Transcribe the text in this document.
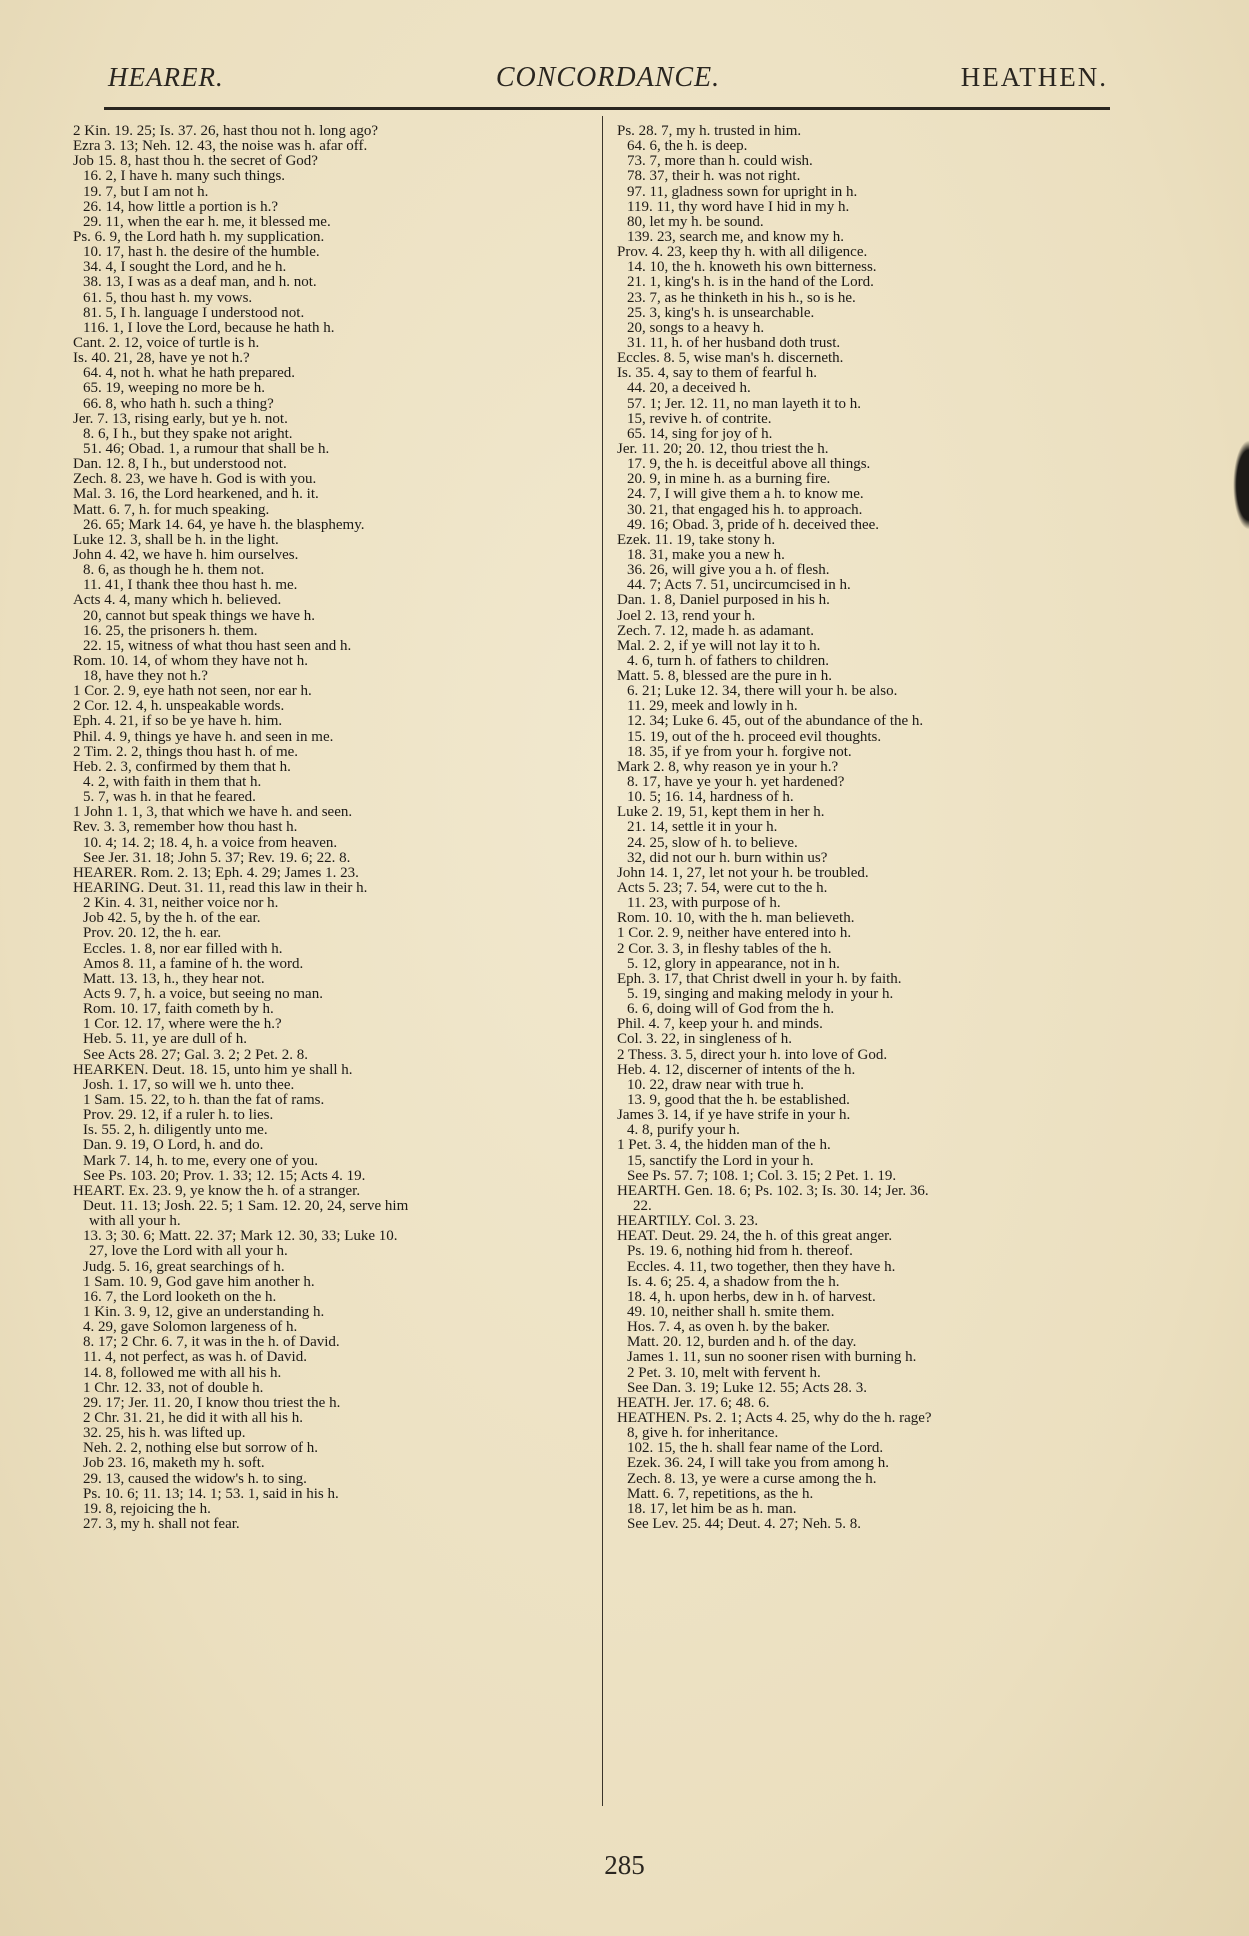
HEARER.	CONCORDANCE.	HEATHEN.
2 Kin. 19. 25; Is. 37. 26, hast thou not h. long ago?
Ezra 3. 13; Neh. 12. 43, the noise was h. afar off.
Job 15. 8, hast thou h. the secret of God?
16. 2, I have h. many such things.
19. 7, but I am not h.
26. 14, how little a portion is h.?
29. 11, when the ear h. me, it blessed me.
Ps. 6. 9, the Lord hath h. my supplication.
10. 17, hast h. the desire of the humble.
34. 4, I sought the Lord, and he h.
38. 13, I was as a deaf man, and h. not.
61. 5, thou hast h. my vows.
81. 5, I h. language I understood not.
116. 1, I love the Lord, because he hath h.
Cant. 2. 12, voice of turtle is h.
Is. 40. 21, 28, have ye not h.?
64. 4, not h. what he hath prepared.
65. 19, weeping no more be h.
66. 8, who hath h. such a thing?
Jer. 7. 13, rising early, but ye h. not.
8. 6, I h., but they spake not aright.
51. 46; Obad. 1, a rumour that shall be h.
Dan. 12. 8, I h., but understood not.
Zech. 8. 23, we have h. God is with you.
Mal. 3. 16, the Lord hearkened, and h. it.
Matt. 6. 7, h. for much speaking.
26. 65; Mark 14. 64, ye have h. the blasphemy.
Luke 12. 3, shall be h. in the light.
John 4. 42, we have h. him ourselves.
8. 6, as though he h. them not.
11. 41, I thank thee thou hast h. me.
Acts 4. 4, many which h. believed.
20, cannot but speak things we have h.
16. 25, the prisoners h. them.
22. 15, witness of what thou hast seen and h.
Rom. 10. 14, of whom they have not h.
18, have they not h.?
1 Cor. 2. 9, eye hath not seen, nor ear h.
2 Cor. 12. 4, h. unspeakable words.
Eph. 4. 21, if so be ye have h. him.
Phil. 4. 9, things ye have h. and seen in me.
2 Tim. 2. 2, things thou hast h. of me.
Heb. 2. 3, confirmed by them that h.
4. 2, with faith in them that h.
5. 7, was h. in that he feared.
1 John 1. 1, 3, that which we have h. and seen.
Rev. 3. 3, remember how thou hast h.
10. 4; 14. 2; 18. 4, h. a voice from heaven.
See Jer. 31. 18; John 5. 37; Rev. 19. 6; 22. 8.
HEARER. Rom. 2. 13; Eph. 4. 29; James 1. 23.
HEARING. Deut. 31. 11, read this law in their h.
2 Kin. 4. 31, neither voice nor h.
Job 42. 5, by the h. of the ear.
Prov. 20. 12, the h. ear.
Eccles. 1. 8, nor ear filled with h.
Amos 8. 11, a famine of h. the word.
Matt. 13. 13, h., they hear not.
Acts 9. 7, h. a voice, but seeing no man.
Rom. 10. 17, faith cometh by h.
1 Cor. 12. 17, where were the h.?
Heb. 5. 11, ye are dull of h.
See Acts 28. 27; Gal. 3. 2; 2 Pet. 2. 8.
HEARKEN. Deut. 18. 15, unto him ye shall h.
Josh. 1. 17, so will we h. unto thee.
1 Sam. 15. 22, to h. than the fat of rams.
Prov. 29. 12, if a ruler h. to lies.
Is. 55. 2, h. diligently unto me.
Dan. 9. 19, O Lord, h. and do.
Mark 7. 14, h. to me, every one of you.
See Ps. 103. 20; Prov. 1. 33; 12. 15; Acts 4. 19.
HEART. Ex. 23. 9, ye know the h. of a stranger.
Deut. 11. 13; Josh. 22. 5; 1 Sam. 12. 20, 24, serve him
with all your h.
13. 3; 30. 6; Matt. 22. 37; Mark 12. 30, 33; Luke 10.
27, love the Lord with all your h.
Judg. 5. 16, great searchings of h.
1 Sam. 10. 9, God gave him another h.
16. 7, the Lord looketh on the h.
1 Kin. 3. 9, 12, give an understanding h.
4. 29, gave Solomon largeness of h.
8. 17; 2 Chr. 6. 7, it was in the h. of David.
11. 4, not perfect, as was h. of David.
14. 8, followed me with all his h.
1 Chr. 12. 33, not of double h.
29. 17; Jer. 11. 20, I know thou triest the h.
2 Chr. 31. 21, he did it with all his h.
32. 25, his h. was lifted up.
Neh. 2. 2, nothing else but sorrow of h.
Job 23. 16, maketh my h. soft.
29. 13, caused the widow's h. to sing.
Ps. 10. 6; 11. 13; 14. 1; 53. 1, said in his h.
19. 8, rejoicing the h.
27. 3, my h. shall not fear.
Ps. 28. 7, my h. trusted in him.
64. 6, the h. is deep.
73. 7, more than h. could wish.
78. 37, their h. was not right.
97. 11, gladness sown for upright in h.
119. 11, thy word have I hid in my h.
80, let my h. be sound.
139. 23, search me, and know my h.
Prov. 4. 23, keep thy h. with all diligence.
14. 10, the h. knoweth his own bitterness.
21. 1, king's h. is in the hand of the Lord.
23. 7, as he thinketh in his h., so is he.
25. 3, king's h. is unsearchable.
20, songs to a heavy h.
31. 11, h. of her husband doth trust.
Eccles. 8. 5, wise man's h. discerneth.
Is. 35. 4, say to them of fearful h.
44. 20, a deceived h.
57. 1; Jer. 12. 11, no man layeth it to h.
15, revive h. of contrite.
65. 14, sing for joy of h.
Jer. 11. 20; 20. 12, thou triest the h.
17. 9, the h. is deceitful above all things.
20. 9, in mine h. as a burning fire.
24. 7, I will give them a h. to know me.
30. 21, that engaged his h. to approach.
49. 16; Obad. 3, pride of h. deceived thee.
Ezek. 11. 19, take stony h.
18. 31, make you a new h.
36. 26, will give you a h. of flesh.
44. 7; Acts 7. 51, uncircumcised in h.
Dan. 1. 8, Daniel purposed in his h.
Joel 2. 13, rend your h.
Zech. 7. 12, made h. as adamant.
Mal. 2. 2, if ye will not lay it to h.
4. 6, turn h. of fathers to children.
Matt. 5. 8, blessed are the pure in h.
6. 21; Luke 12. 34, there will your h. be also.
11. 29, meek and lowly in h.
12. 34; Luke 6. 45, out of the abundance of the h.
15. 19, out of the h. proceed evil thoughts.
18. 35, if ye from your h. forgive not.
Mark 2. 8, why reason ye in your h.?
8. 17, have ye your h. yet hardened?
10. 5; 16. 14, hardness of h.
Luke 2. 19, 51, kept them in her h.
21. 14, settle it in your h.
24. 25, slow of h. to believe.
32, did not our h. burn within us?
John 14. 1, 27, let not your h. be troubled.
Acts 5. 23; 7. 54, were cut to the h.
11. 23, with purpose of h.
Rom. 10. 10, with the h. man believeth.
1 Cor. 2. 9, neither have entered into h.
2 Cor. 3. 3, in fleshy tables of the h.
5. 12, glory in appearance, not in h.
Eph. 3. 17, that Christ dwell in your h. by faith.
5. 19, singing and making melody in your h.
6. 6, doing will of God from the h.
Phil. 4. 7, keep your h. and minds.
Col. 3. 22, in singleness of h.
2 Thess. 3. 5, direct your h. into love of God.
Heb. 4. 12, discerner of intents of the h.
10. 22, draw near with true h.
13. 9, good that the h. be established.
James 3. 14, if ye have strife in your h.
4. 8, purify your h.
1 Pet. 3. 4, the hidden man of the h.
15, sanctify the Lord in your h.
See Ps. 57. 7; 108. 1; Col. 3. 15; 2 Pet. 1. 19.
HEARTH. Gen. 18. 6; Ps. 102. 3; Is. 30. 14; Jer. 36.
22.
HEARTILY. Col. 3. 23.
HEAT. Deut. 29. 24, the h. of this great anger.
Ps. 19. 6, nothing hid from h. thereof.
Eccles. 4. 11, two together, then they have h.
Is. 4. 6; 25. 4, a shadow from the h.
18. 4, h. upon herbs, dew in h. of harvest.
49. 10, neither shall h. smite them.
Hos. 7. 4, as oven h. by the baker.
Matt. 20. 12, burden and h. of the day.
James 1. 11, sun no sooner risen with burning h.
2 Pet. 3. 10, melt with fervent h.
See Dan. 3. 19; Luke 12. 55; Acts 28. 3.
HEATH. Jer. 17. 6; 48. 6.
HEATHEN. Ps. 2. 1; Acts 4. 25, why do the h. rage?
8, give h. for inheritance.
102. 15, the h. shall fear name of the Lord.
Ezek. 36. 24, I will take you from among h.
Zech. 8. 13, ye were a curse among the h.
Matt. 6. 7, repetitions, as the h.
18. 17, let him be as h. man.
See Lev. 25. 44; Deut. 4. 27; Neh. 5. 8.
285
